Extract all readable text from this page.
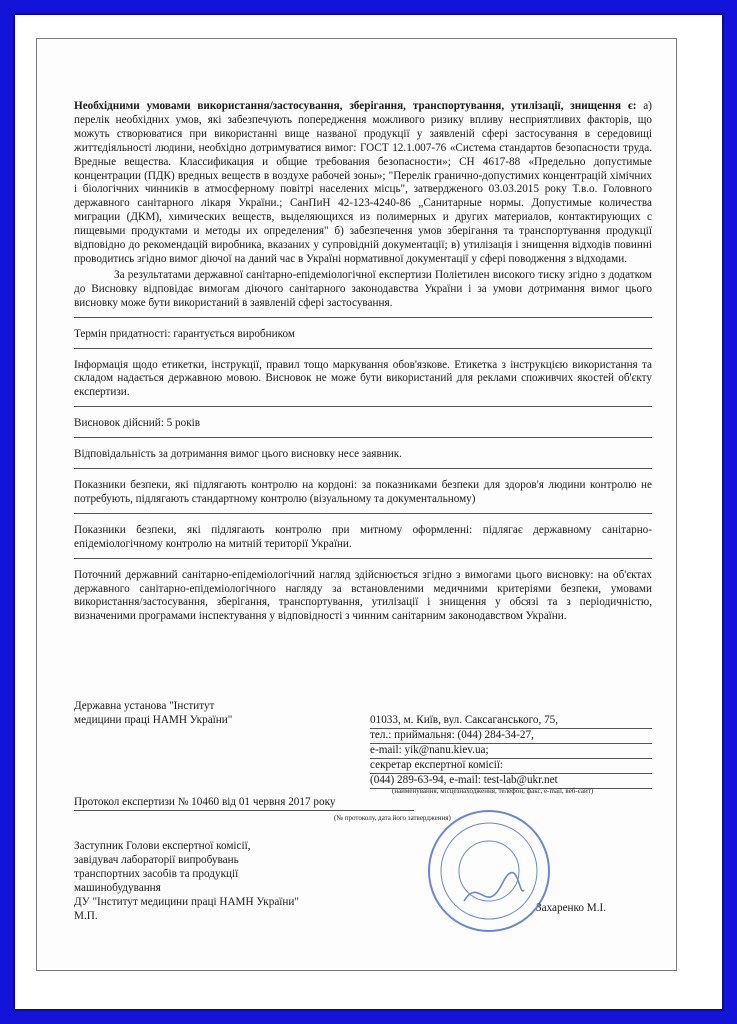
Необхідними умовами використання/застосування, зберігання, транспортування, утилізації, знищення є: а) перелік необхідних умов, які забезпечують попередження можливого ризику впливу несприятливих факторів, що можуть створюватися при використанні вище названої продукції у заявленій сфері застосування в середовищі життєдіяльності людини, необхідно дотримуватися вимог: ГОСТ 12.1.007-76 «Система стандартов безопасности труда. Вредные вещества. Классификация и общие требования безопасности»; СН 4617-88 «Предельно допустимые концентрации (ПДК) вредных веществ в воздухе рабочей зоны»; "Перелік гранично-допустимих концентрацій хімічних і біологічних чинників в атмосферному повітрі населених місць", затвердженого 03.03.2015 року Т.в.о. Головного державного санітарного лікаря України.; СанПиН 42-123-4240-86 „Санитарные нормы. Допустимые количества миграции (ДКМ), химических веществ, выделяющихся из полимерных и других материалов, контактирующих с пищевыми продуктами и методы их определения" б) забезпечення умов зберігання та транспортування продукції відповідно до рекомендацій виробника, вказаних у супровідній документації; в) утилізація і знищення відходів повинні проводитись згідно вимог діючої на даний час в Україні нормативної документації у сфері поводження з відходами.
За результатами державної санітарно-епідеміологічної експертизи Поліетилен високого тиску згідно з додатком до Висновку відповідає вимогам діючого санітарного законодавства України і за умови дотримання вимог цього висновку може бути використаний в заявленій сфері застосування.
Термін придатності: гарантується виробником
Інформація щодо етикетки, інструкції, правил тощо маркування обов'язкове. Етикетка з інструкцією використання та складом надається державною мовою. Висновок не може бути використаний для реклами споживчих якостей об'єкту експертизи.
Висновок дійсний: 5 років
Відповідальність за дотримання вимог цього висновку несе заявник.
Показники безпеки, які підлягають контролю на кордоні: за показниками безпеки для здоров'я людини контролю не потребують, підлягають стандартному контролю (візуальному та документальному)
Показники безпеки, які підлягають контролю при митному оформленні: підлягає державному санітарно-епідеміологічному контролю на митній території України.
Поточний державний санітарно-епідеміологічний нагляд здійснюється згідно з вимогами цього висновку: на об'єктах державного санітарно-епідеміологічного нагляду за встановленими медичними критеріями безпеки, умовами використання/застосування, зберігання, транспортування, утилізації і знищення у обсязі та з періодичністю, визначеними програмами інспектування у відповідності з чинним санітарним законодавством України.
Державна установа "Інститут
медицини праці НАМН України"	01033, м. Київ, вул. Саксаганського, 75,
тел.: приймальня: (044) 284-34-27,
e-mail: yik@nanu.kiev.ua;
секретар експертної комісії:
(044) 289-63-94, e-mail: test-lab@ukr.net
(найменування, місцезнаходження, телефон, факс, e-mail, веб-сайт)
Протокол експертизи № 10460 від 01 червня 2017 року
(№ протоколу, дата його затвердження)
Заступник Голови експертної комісії,
завідувач лабораторії випробувань
транспортних засобів та продукції
машинобудування
ДУ "Інститут медицини праці НАМН України"
М.П.
Захаренко М.І.
